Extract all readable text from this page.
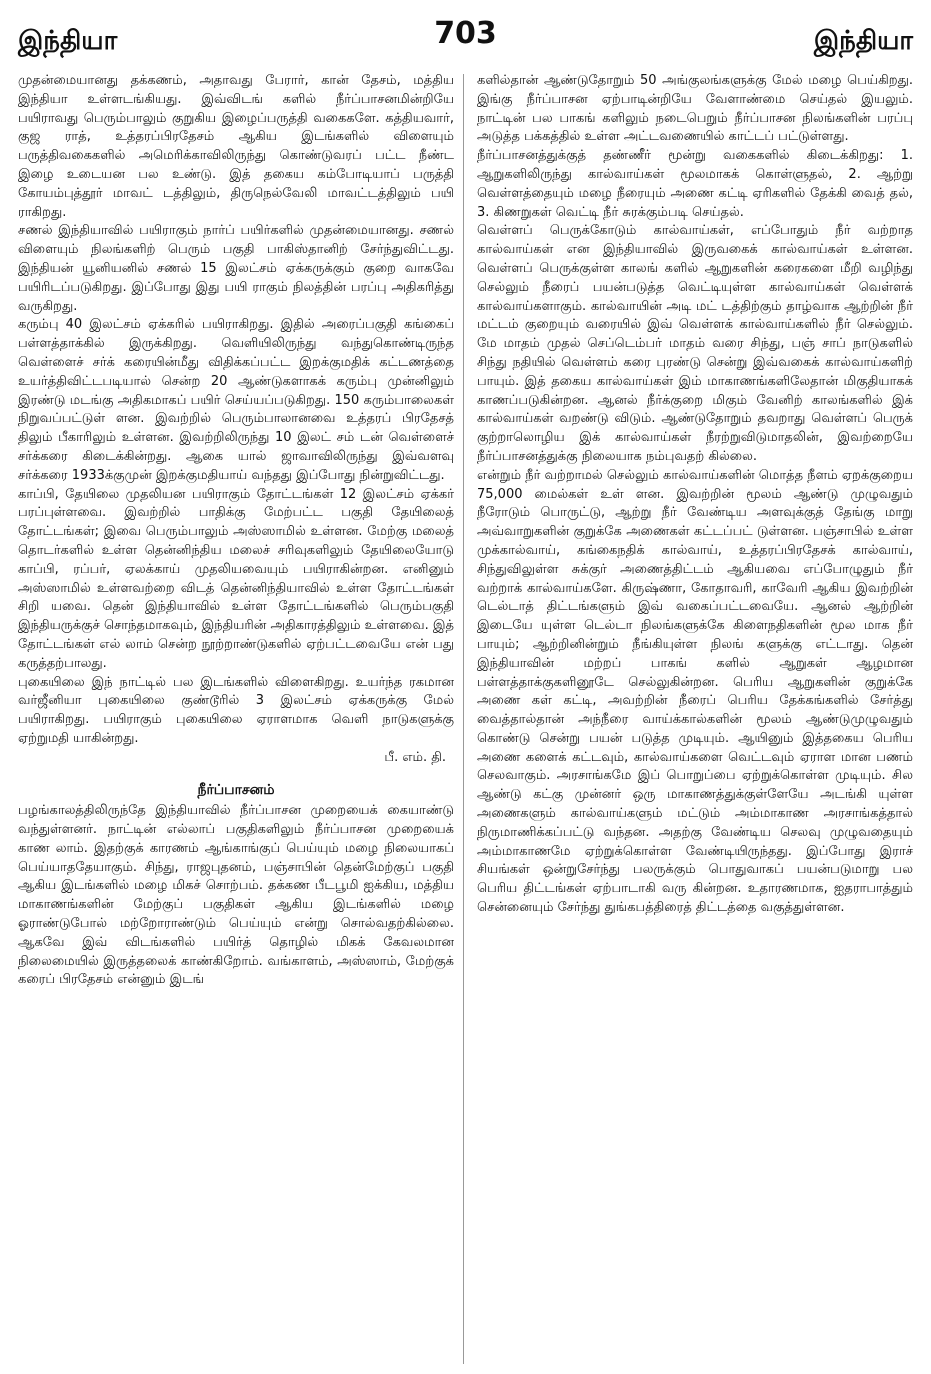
இந்தியா	703	இந்தியா

முதன்மையானது தக்கணம், அதாவது பேரார், கான் தேசம், மத்திய இந்தியா உள்ளடங்கியது. இவ்விடங் களில் நீர்ப்பாசனமின்றியே பயிராவது பெரும்பாலும் குறுகிய இழைப்பருத்தி வகைகளே. கத்தியவார், குஜ ராத், உத்தரப்பிரதேசம் ஆகிய இடங்களில் விளையும் பருத்திவகைகளில் அமெரிக்காவிலிருந்து கொண்டுவரப் பட்ட நீண்ட இழை உடையன பல உண்டு. இத் தகைய கம்போடியாப் பருத்தி கோயம்புத்தூர் மாவட் டத்திலும், திருநெல்வேலி மாவட்டத்திலும் பயி ராகிறது.

சணல் இந்தியாவில் பயிராகும் நார்ப் பயிர்களில் முதன்மையானது. சணல் விளையும் நிலங்களிற் பெரும் பகுதி பாகிஸ்தானிற் சேர்ந்துவிட்டது. இந்தியன் யூனியனில் சணல் 15 இலட்சம் ஏக்கருக்கும் குறை வாகவே பயிரிடப்படுகிறது. இப்போது இது பயி ராகும் நிலத்தின் பரப்பு அதிகரித்து வருகிறது.

கரும்பு 40 இலட்சம் ஏக்கரில் பயிராகிறது. இதில் அரைப்பகுதி கங்கைப் பள்ளத்தாக்கில் இருக்கிறது. வெளியிலிருந்து வந்துகொண்டிருந்த வெள்ளைச் சர்க் கரையின்மீது விதிக்கப்பட்ட இறக்குமதிக் கட்டணத்தை உயர்த்திவிட்டபடியால் சென்ற 20 ஆண்டுகளாகக் கரும்பு முன்னிலும் இரண்டு மடங்கு அதிகமாகப் பயிர் செய்யப்படுகிறது. 150 கரும்பாலைகள் நிறுவப்பட்டுள் ளன. இவற்றில் பெரும்பாலானவை உத்தரப் பிரதேசத் திலும் பீகாரிலும் உள்ளன. இவற்றிலிருந்து 10 இலட் சம் டன் வெள்ளைச் சர்க்கரை கிடைக்கின்றது. ஆகை யால் ஜாவாவிலிருந்து இவ்வளவு சர்க்கரை 1933க்குமுன் இறக்குமதியாய் வந்தது இப்போது நின்றுவிட்டது.

காப்பி, தேயிலை முதலியன பயிராகும் தோட்டங்கள் 12 இலட்சம் ஏக்கர் பரப்புள்ளவை. இவற்றில் பாதிக்கு மேற்பட்ட பகுதி தேயிலைத் தோட்டங்கள்; இவை பெரும்பாலும் அஸ்ஸாமில் உள்ளன. மேற்கு மலைத் தொடர்களில் உள்ள தென்னிந்திய மலைச் சரிவுகளிலும் தேயிலையோடு காப்பி, ரப்பர், ஏலக்காய் முதலியவையும் பயிராகின்றன. எனினும் அஸ்ஸாமில் உள்ளவற்றை விடத் தென்னிந்தியாவில் உள்ள தோட்டங்கள் சிறி யவை. தென் இந்தியாவில் உள்ள தோட்டங்களில் பெரும்பகுதி இந்தியருக்குச் சொந்தமாகவும், இந்தியரின் அதிகாரத்திலும் உள்ளவை. இத் தோட்டங்கள் எல் லாம் சென்ற நூற்றாண்டுகளில் ஏற்பட்டவையே என் பது கருத்தற்பாலது.

புகையிலை இந் நாட்டில் பல இடங்களில் விளைகிறது. உயர்ந்த ரகமான வர்ஜீனியா புகையிலை குண்டூரில் 3 இலட்சம் ஏக்கருக்கு மேல் பயிராகிறது. பயிராகும் புகையிலை ஏராளமாக வெளி நாடுகளுக்கு ஏற்றுமதி யாகின்றது.

பீ. எம். தி.

நீர்ப்பாசனம்

பழங்காலத்திலிருந்தே இந்தியாவில் நீர்ப்பாசன முறையைக் கையாண்டு வந்துள்ளனர். நாட்டின் எல்லாப் பகுதிகளிலும் நீர்ப்பாசன முறையைக் காண லாம். இதற்குக் காரணம் ஆங்காங்குப் பெய்யும் மழை நிலையாகப் பெய்யாததேயாகும். சிந்து, ராஜபுதனம், பஞ்சாபின் தென்மேற்குப் பகுதி ஆகிய இடங்களில் மழை மிகச் சொற்பம். தக்கண பீடபூமி ஐக்கிய, மத்திய மாகாணங்களின் மேற்குப் பகுதிகள் ஆகிய இடங்களில் மழை ஓராண்டுபோல் மற்றோராண்டும் பெய்யும் என்று சொல்வதற்கில்லை. ஆகவே இவ் விடங்களில் பயிர்த் தொழில் மிகக் கேவலமான நிலைமையில் இருத்தலைக் காண்கிறோம். வங்காளம், அஸ்ஸாம், மேற்குக் கரைப் பிரதேசம் என்னும் இடங்

களில்தான் ஆண்டுதோறும் 50 அங்குலங்களுக்கு மேல் மழை பெய்கிறது. இங்கு நீர்ப்பாசன ஏற்பாடின்றியே வேளாண்மை செய்தல் இயலும். நாட்டின் பல பாகங் களிலும் நடைபெறும் நீர்ப்பாசன நிலங்களின் பரப்பு அடுத்த பக்கத்தில் உள்ள அட்டவணையில் காட்டப் பட்டுள்ளது.

நீர்ப்பாசனத்துக்குத் தண்ணீர் மூன்று வகைகளில் கிடைக்கிறது: 1. ஆறுகளிலிருந்து கால்வாய்கள் மூலமாகக் கொள்ளுதல், 2. ஆற்று வெள்ளத்தையும் மழை நீரையும் அணை கட்டி ஏரிகளில் தேக்கி வைத் தல், 3. கிணறுகள் வெட்டி நீர் சுரக்கும்படி செய்தல்.

வெள்ளப் பெருக்கோடும் கால்வாய்கள், எப்போதும் நீர் வற்றாத கால்வாய்கள் என இந்தியாவில் இருவகைக் கால்வாய்கள் உள்ளன. வெள்ளப் பெருக்குள்ள காலங் களில் ஆறுகளின் கரைகளை மீறி வழிந்து செல்லும் நீரைப் பயன்படுத்த வெட்டியுள்ள கால்வாய்கள் வெள்ளக் கால்வாய்களாகும். கால்வாயின் அடி மட் டத்திற்கும் தாழ்வாக ஆற்றின் நீர் மட்டம் குறையும் வரையில் இவ் வெள்ளக் கால்வாய்களில் நீர் செல்லும். மே மாதம் முதல் செப்டெம்பர் மாதம் வரை சிந்து, பஞ் சாப் நாடுகளில் சிந்து நதியில் வெள்ளம் கரை புரண்டு சென்று இவ்வகைக் கால்வாய்களிற் பாயும். இத் தகைய கால்வாய்கள் இம் மாகாணங்களிலேதான் மிகுதியாகக் காணப்படுகின்றன. ஆனல் நீர்க்குறை மிகும் வேனிற் காலங்களில் இக் கால்வாய்கள் வறண்டு விடும். ஆண்டுதோறும் தவறாது வெள்ளப் பெருக் குற்றாலொழிய இக் கால்வாய்கள் நீரற்றுவிடுமாதலின், இவற்றையே நீர்ப்பாசனத்துக்கு நிலையாக நம்புவதற் கில்லை.

என்றும் நீர் வற்றாமல் செல்லும் கால்வாய்களின் மொத்த நீளம் ஏறக்குறைய 75,000 மைல்கள் உள் ளன. இவற்றின் மூலம் ஆண்டு முழுவதும் நீரோடும் பொருட்டு, ஆற்று நீர் வேண்டிய அளவுக்குத் தேங்கு மாறு அவ்வாறுகளின் குறுக்கே அணைகள் கட்டப்பட் டுள்ளன. பஞ்சாபில் உள்ள முக்கால்வாய், கங்கைநதிக் கால்வாய், உத்தரப்பிரதேசக் கால்வாய், சிந்துவிலுள்ள சுக்குர் அணைத்திட்டம் ஆகியவை எப்போழுதும் நீர் வற்றாக் கால்வாய்களே. கிருஷ்ணா, கோதாவரி, காவேரி ஆகிய இவற்றின் டெல்டாத் திட்டங்களும் இவ் வகைப்பட்டவையே. ஆனல் ஆற்றின் இடையே யுள்ள டெல்டா நிலங்களுக்கே கிளைநதிகளின் மூல மாக நீர் பாயும்; ஆற்றினின்றும் நீங்கியுள்ள நிலங் களுக்கு எட்டாது. தென் இந்தியாவின் மற்றப் பாகங் களில் ஆறுகள் ஆழமான பள்ளத்தாக்குகளினூடே செல்லுகின்றன. பெரிய ஆறுகளின் குறுக்கே அணை கள் கட்டி, அவற்றின் நீரைப் பெரிய தேக்கங்களில் சேர்த்து வைத்தால்தான் அந்நீரை வாய்க்கால்களின் மூலம் ஆண்டுமுழுவதும் கொண்டு சென்று பயன் படுத்த முடியும். ஆயினும் இத்தகைய பெரிய அணை களைக் கட்டவும், கால்வாய்களை வெட்டவும் ஏராள மான பணம் செலவாகும். அரசாங்கமே இப் பொறுப்பை ஏற்றுக்கொள்ள முடியும். சில ஆண்டு கட்கு முன்னர் ஒரு மாகாணத்துக்குள்ளேயே அடங்கி யுள்ள அணைகளும் கால்வாய்களும் மட்டும் அம்மாகாண அரசாங்கத்தால் நிருமாணிக்கப்பட்டு வந்தன. அதற்கு வேண்டிய செலவு முழுவதையும் அம்மாகாணமே ஏற்றுக்கொள்ள வேண்டியிருந்தது. இப்போது இராச் சியங்கள் ஒன்றுசேர்ந்து பலருக்கும் பொதுவாகப் பயன்படுமாறு பல பெரிய திட்டங்கள் ஏற்பாடாகி வரு கின்றன. உதாரணமாக, ஐதராபாத்தும் சென்னையும் சேர்ந்து துங்கபத்திரைத் திட்டத்தை வகுத்துள்ளன.
